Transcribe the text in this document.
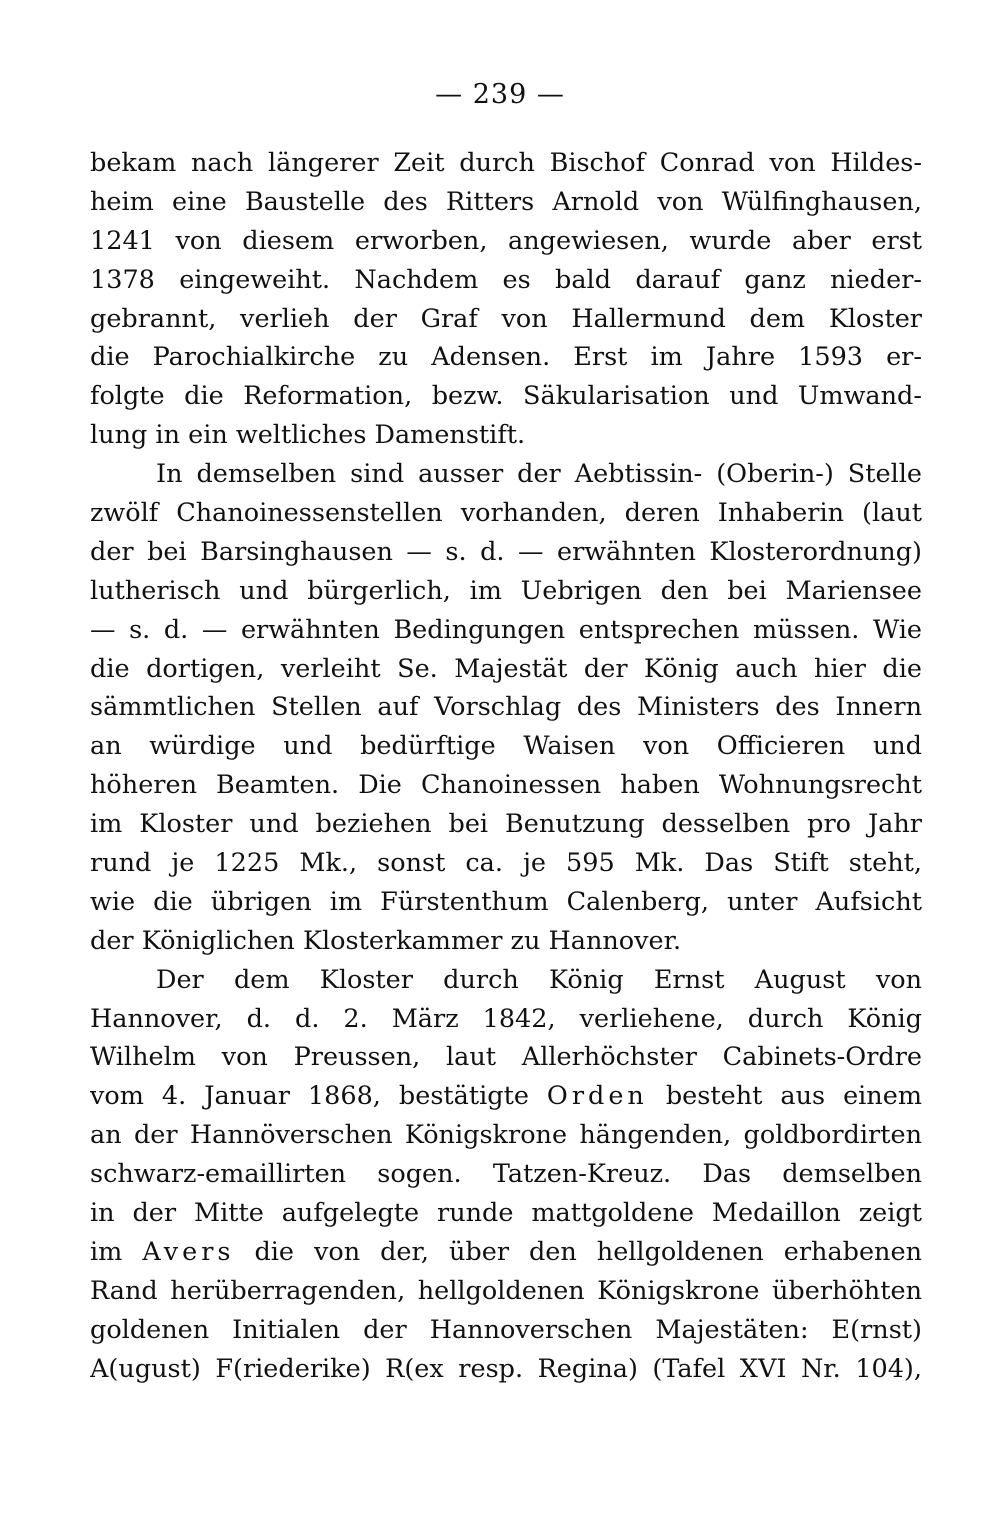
— 239 —
bekam nach längerer Zeit durch Bischof Conrad von Hildes-
heim eine Baustelle des Ritters Arnold von Wülfinghausen,
1241 von diesem erworben, angewiesen, wurde aber erst
1378 eingeweiht. Nachdem es bald darauf ganz nieder-
gebrannt, verlieh der Graf von Hallermund dem Kloster
die Parochialkirche zu Adensen. Erst im Jahre 1593 er-
folgte die Reformation, bezw. Säkularisation und Umwand-
lung in ein weltliches Damenstift.
In demselben sind ausser der Aebtissin- (Oberin-) Stelle
zwölf Chanoinessenstellen vorhanden, deren Inhaberin (laut
der bei Barsinghausen — s. d. — erwähnten Klosterordnung)
lutherisch und bürgerlich, im Uebrigen den bei Mariensee
— s. d. — erwähnten Bedingungen entsprechen müssen. Wie
die dortigen, verleiht Se. Majestät der König auch hier die
sämmtlichen Stellen auf Vorschlag des Ministers des Innern
an würdige und bedürftige Waisen von Officieren und
höheren Beamten. Die Chanoinessen haben Wohnungsrecht
im Kloster und beziehen bei Benutzung desselben pro Jahr
rund je 1225 Mk., sonst ca. je 595 Mk. Das Stift steht,
wie die übrigen im Fürstenthum Calenberg, unter Aufsicht
der Königlichen Klosterkammer zu Hannover.
Der dem Kloster durch König Ernst August von
Hannover, d. d. 2. März 1842, verliehene, durch König
Wilhelm von Preussen, laut Allerhöchster Cabinets-Ordre
vom 4. Januar 1868, bestätigte Orden besteht aus einem
an der Hannöverschen Königskrone hängenden, goldbordirten
schwarz-emaillirten sogen. Tatzen-Kreuz. Das demselben
in der Mitte aufgelegte runde mattgoldene Medaillon zeigt
im Avers die von der, über den hellgoldenen erhabenen
Rand herüberragenden, hellgoldenen Königskrone überhöhten
goldenen Initialen der Hannoverschen Majestäten: E(rnst)
A(ugust) F(riederike) R(ex resp. Regina) (Tafel XVI Nr. 104),
